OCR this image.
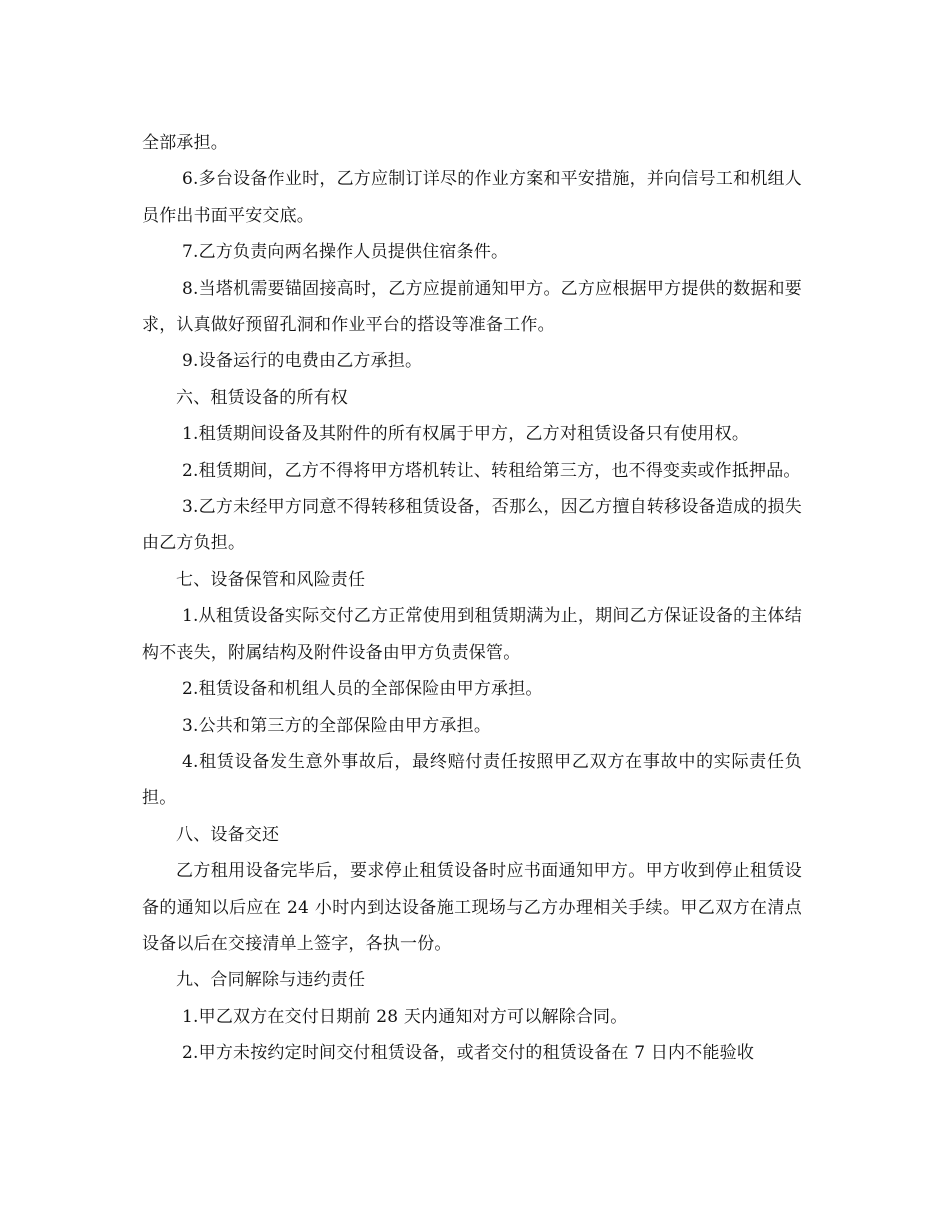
全部承担。

6.多台设备作业时，乙方应制订详尽的作业方案和平安措施，并向信号工和机组人员作出书面平安交底。

7.乙方负责向两名操作人员提供住宿条件。

8.当塔机需要锚固接高时，乙方应提前通知甲方。乙方应根据甲方提供的数据和要求，认真做好预留孔洞和作业平台的搭设等准备工作。

9.设备运行的电费由乙方承担。

六、租赁设备的所有权

1.租赁期间设备及其附件的所有权属于甲方，乙方对租赁设备只有使用权。

2.租赁期间，乙方不得将甲方塔机转让、转租给第三方，也不得变卖或作抵押品。

3.乙方未经甲方同意不得转移租赁设备，否那么，因乙方擅自转移设备造成的损失由乙方负担。

七、设备保管和风险责任

1.从租赁设备实际交付乙方正常使用到租赁期满为止，期间乙方保证设备的主体结构不丧失，附属结构及附件设备由甲方负责保管。

2.租赁设备和机组人员的全部保险由甲方承担。

3.公共和第三方的全部保险由甲方承担。

4.租赁设备发生意外事故后，最终赔付责任按照甲乙双方在事故中的实际责任负担。

八、设备交还

乙方租用设备完毕后，要求停止租赁设备时应书面通知甲方。甲方收到停止租赁设备的通知以后应在 24 小时内到达设备施工现场与乙方办理相关手续。甲乙双方在清点设备以后在交接清单上签字，各执一份。

九、合同解除与违约责任

1.甲乙双方在交付日期前 28 天内通知对方可以解除合同。

2.甲方未按约定时间交付租赁设备，或者交付的租赁设备在 7 日内不能验收
